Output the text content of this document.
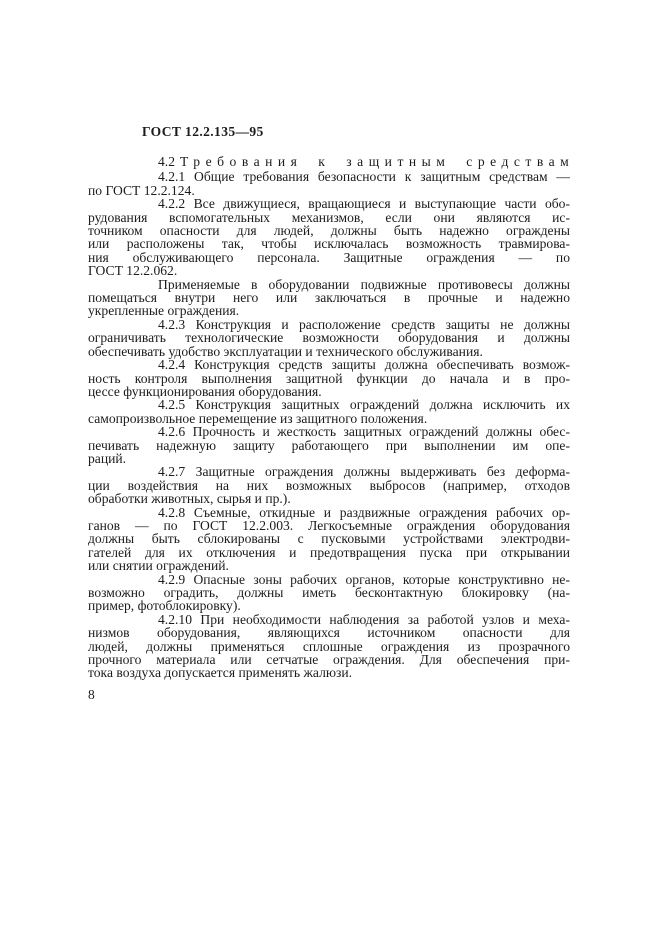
ГОСТ 12.2.135—95
4.2 Требования к защитным средствам
4.2.1 Общие требования безопасности к защитным средствам —
по ГОСТ 12.2.124.
4.2.2 Все движущиеся, вращающиеся и выступающие части обо-
рудования вспомогательных механизмов, если они являются ис-
точником опасности для людей, должны быть надежно ограждены
или расположены так, чтобы исключалась возможность травмирова-
ния обслуживающего персонала. Защитные ограждения — по
ГОСТ 12.2.062.
Применяемые в оборудовании подвижные противовесы должны
помещаться внутри него или заключаться в прочные и надежно
укрепленные ограждения.
4.2.3 Конструкция и расположение средств защиты не должны
ограничивать технологические возможности оборудования и должны
обеспечивать удобство эксплуатации и технического обслуживания.
4.2.4 Конструкция средств защиты должна обеспечивать возмож-
ность контроля выполнения защитной функции до начала и в про-
цессе функционирования оборудования.
4.2.5 Конструкция защитных ограждений должна исключить их
самопроизвольное перемещение из защитного положения.
4.2.6 Прочность и жесткость защитных ограждений должны обес-
печивать надежную защиту работающего при выполнении им опе-
раций.
4.2.7 Защитные ограждения должны выдерживать без деформа-
ции воздействия на них возможных выбросов (например, отходов
обработки животных, сырья и пр.).
4.2.8 Съемные, откидные и раздвижные ограждения рабочих ор-
ганов — по ГОСТ 12.2.003. Легкосъемные ограждения оборудования
должны быть сблокированы с пусковыми устройствами электродви-
гателей для их отключения и предотвращения пуска при открывании
или снятии ограждений.
4.2.9 Опасные зоны рабочих органов, которые конструктивно не-
возможно оградить, должны иметь бесконтактную блокировку (на-
пример, фотоблокировку).
4.2.10 При необходимости наблюдения за работой узлов и меха-
низмов оборудования, являющихся источником опасности для
людей, должны применяться сплошные ограждения из прозрачного
прочного материала или сетчатые ограждения. Для обеспечения при-
тока воздуха допускается применять жалюзи.
8
